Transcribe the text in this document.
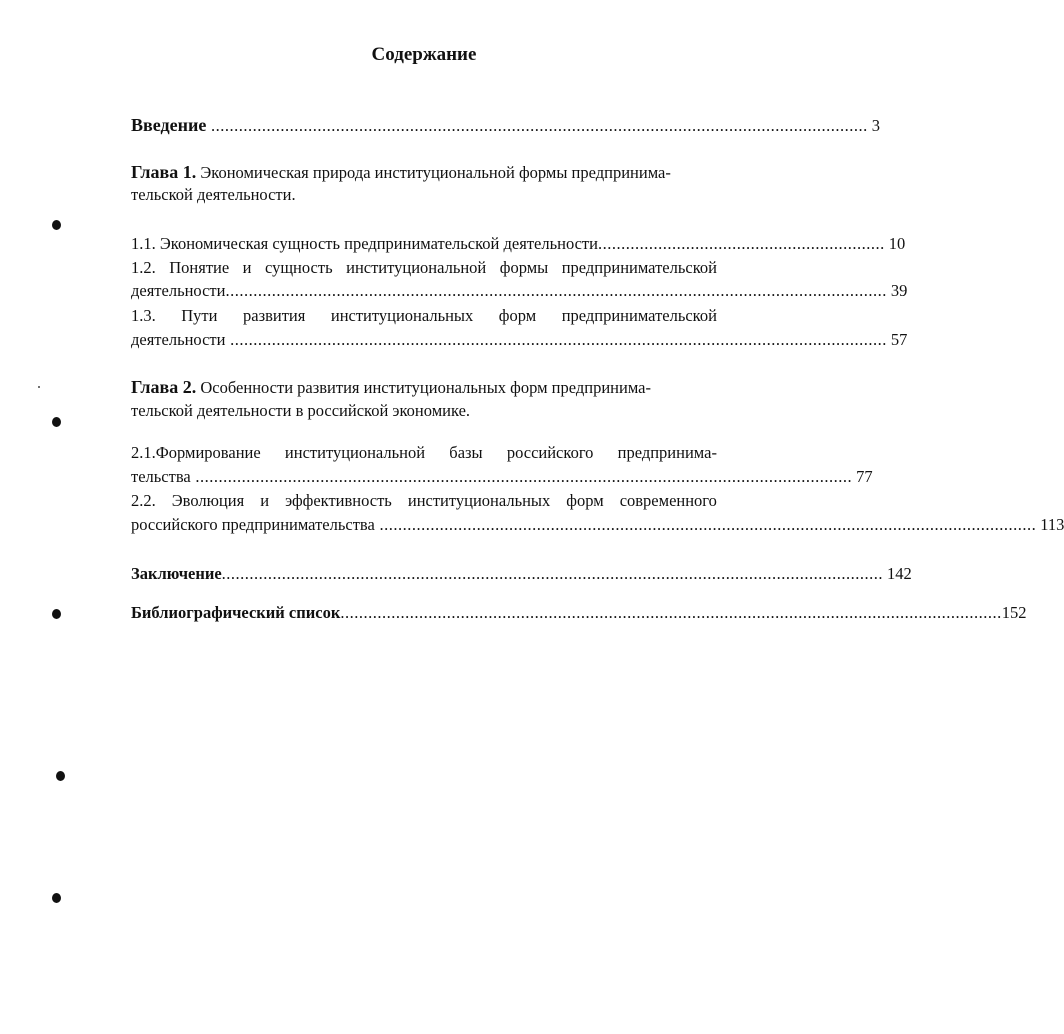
Содержание
Введение .............................................................................................................................................. 3
Глава 1. Экономическая природа институциональной формы предпринима-
тельской деятельности.
1.1. Экономическая сущность предпринимательской деятельности .............................................................. 10
1.2. Понятие и сущность институциональной формы предпринимательской
деятельности ............................................................................................................................................... 39
1.3. Пути развития институциональных форм предпринимательской
деятельности .............................................................................................................................................. 57
Глава 2. Особенности развития институциональных форм предпринима-
тельской деятельности в российской экономике.
2.1.Формирование институциональной базы российского предпринима-
тельства .............................................................................................................................................. 77
2.2. Эволюция и эффективность институциональных форм современного
российского предпринимательства .............................................................................................................................................. 113
Заключение ............................................................................................................................................... 142
Библиографический список ............................................................................................................................................... 152
